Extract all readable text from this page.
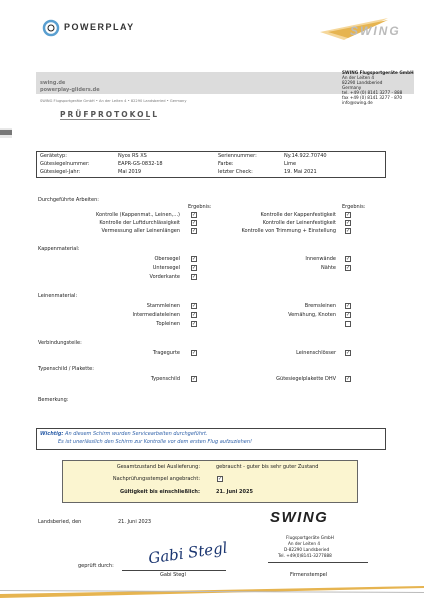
POWERPLAY	SWING
swing.de
powerplay-gliders.de
SWING Flugsportgeräte GmbH
An der Leiten 4
82290 Landsberied
Germany
tel. +49 (0) 8141 3277 - 888
fax +49 (0) 8141 3277 - 870
info@swing.de
SWING Flugsportgeräte GmbH • An der Leiten 4 • 82290 Landsberied • Germany
PRÜFPROTOKOLL
Gerätetyp:	Nyos RS XS	Seriennummer:	Ny.14.922.70740
Gütesiegelnummer:	EAPR-GS-0832-18	Farbe:	Lime
Gütesiegel-Jahr:	Mai 2019	letzter Check:	19. Mai 2021
Durchgeführte Arbeiten:
Ergebnis:	Ergebnis:
Kontrolle (Kappenmat., Leinen,...) ✓	Kontrolle der Kappenfestigkeit ✓
Kontrolle der Luftdurchlässigkeit ✓	Kontrolle der Leinenfestigkeit ✓
Vermessung aller Leinenlängen ✓	Kontrolle von Trimmung + Einstellung ✓
Kappenmaterial:
Obersegel ✓	Innenwände ✓
Untersegel ✓	Nähte ✓
Vorderkante ✓
Leinenmaterial:
Stammleinen ✓	Bremsleinen ✓
Intermediateleinen ✓	Vernähung, Knoten ✓
Topleinen ✓
Verbindungsteile:
Tragegurte ✓	Leinenschlösser ✓
Typenschild / Plakette:
Typenschild ✓	Gütesiegelplakette DHV ✓
Bemerkung:
Wichtig: An diesem Schirm wurden Servicearbeiten durchgeführt.
Es ist unerlässlich den Schirm zur Kontrolle vor dem ersten Flug aufzuziehen!
Gesamtzustand bei Auslieferung:	gebraucht - guter bis sehr guter Zustand
Nachprüfungsstempel angebracht:	✓
Gültigkeit bis einschließlich:	21. Juni 2025
Landsberied, den	21. Juni 2023
geprüft durch: Gabi Stegl
Gabi Stegl
SWING
Flugsportgeräte GmbH
An der Leiten 4
D-82290 Landsberied
Tel. +49(0)8141-3277888
Firmenstempel
